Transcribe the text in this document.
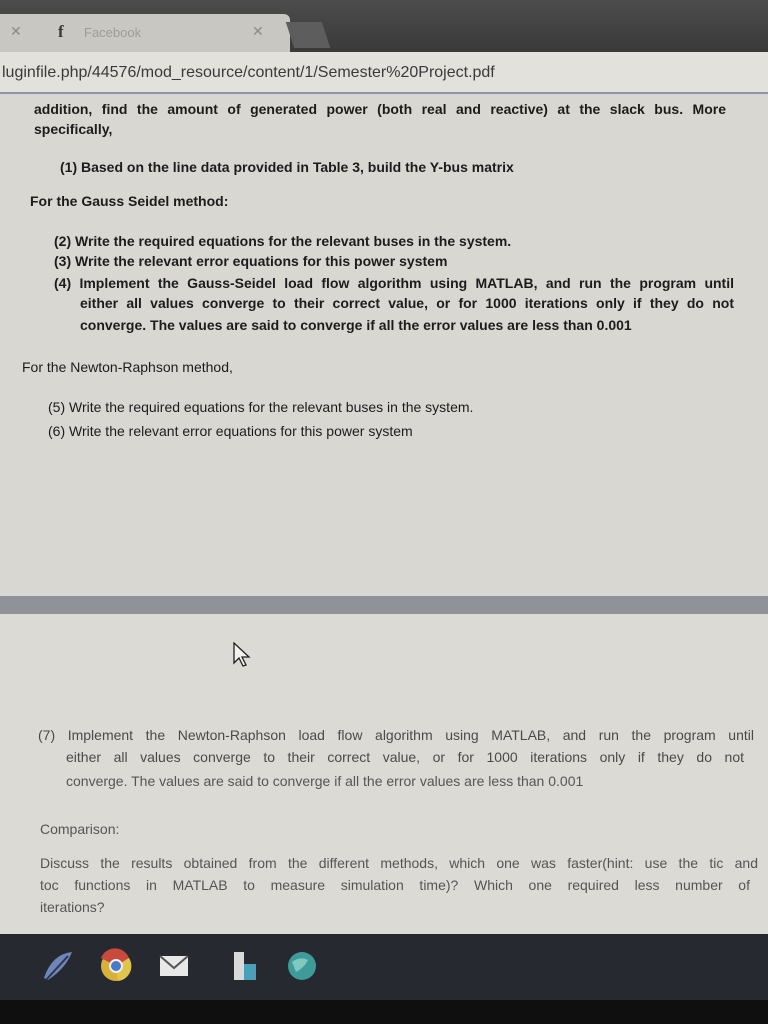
✕ f	Facebook	✕
luginfile.php/44576/mod_resource/content/1/Semester%20Project.pdf
addition, find the amount of generated power (both real and reactive) at the slack bus. More
specifically,
(1) Based on the line data provided in Table 3, build the Y-bus matrix
For the Gauss Seidel method:
(2) Write the required equations for the relevant buses in the system.
(3) Write the relevant error equations for this power system
(4) Implement the Gauss-Seidel load flow algorithm using MATLAB, and run the program until
either all values converge to their correct value, or for 1000 iterations only if they do not
converge. The values are said to converge if all the error values are less than 0.001
For the Newton-Raphson method,
(5) Write the required equations for the relevant buses in the system.
(6) Write the relevant error equations for this power system
(7) Implement the Newton-Raphson load flow algorithm using MATLAB, and run the program until
either all values converge to their correct value, or for 1000 iterations only if they do not
converge. The values are said to converge if all the error values are less than 0.001
Comparison:
Discuss the results obtained from the different methods, which one was faster(hint: use the tic and
toc functions in MATLAB to measure simulation time)? Which one required less number of
iterations?
